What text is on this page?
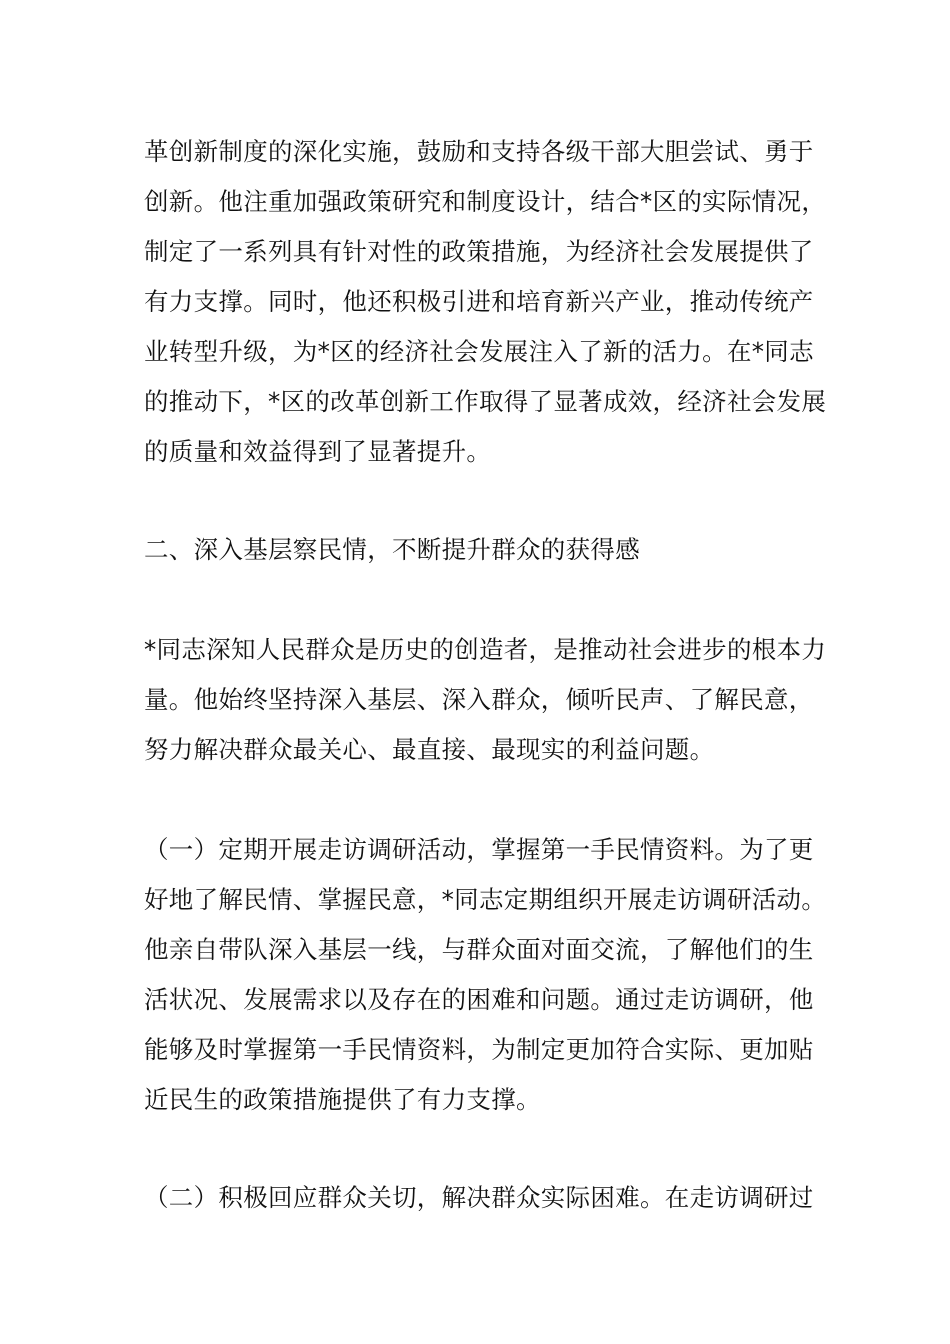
革创新制度的深化实施，鼓励和支持各级干部大胆尝试、勇于
创新。他注重加强政策研究和制度设计，结合*区的实际情况，
制定了一系列具有针对性的政策措施，为经济社会发展提供了
有力支撑。同时，他还积极引进和培育新兴产业，推动传统产
业转型升级，为*区的经济社会发展注入了新的活力。在*同志
的推动下，*区的改革创新工作取得了显著成效，经济社会发展
的质量和效益得到了显著提升。
二、深入基层察民情，不断提升群众的获得感
*同志深知人民群众是历史的创造者，是推动社会进步的根本力
量。他始终坚持深入基层、深入群众，倾听民声、了解民意，
努力解决群众最关心、最直接、最现实的利益问题。
（一）定期开展走访调研活动，掌握第一手民情资料。为了更
好地了解民情、掌握民意，*同志定期组织开展走访调研活动。
他亲自带队深入基层一线，与群众面对面交流，了解他们的生
活状况、发展需求以及存在的困难和问题。通过走访调研，他
能够及时掌握第一手民情资料，为制定更加符合实际、更加贴
近民生的政策措施提供了有力支撑。
（二）积极回应群众关切，解决群众实际困难。在走访调研过
